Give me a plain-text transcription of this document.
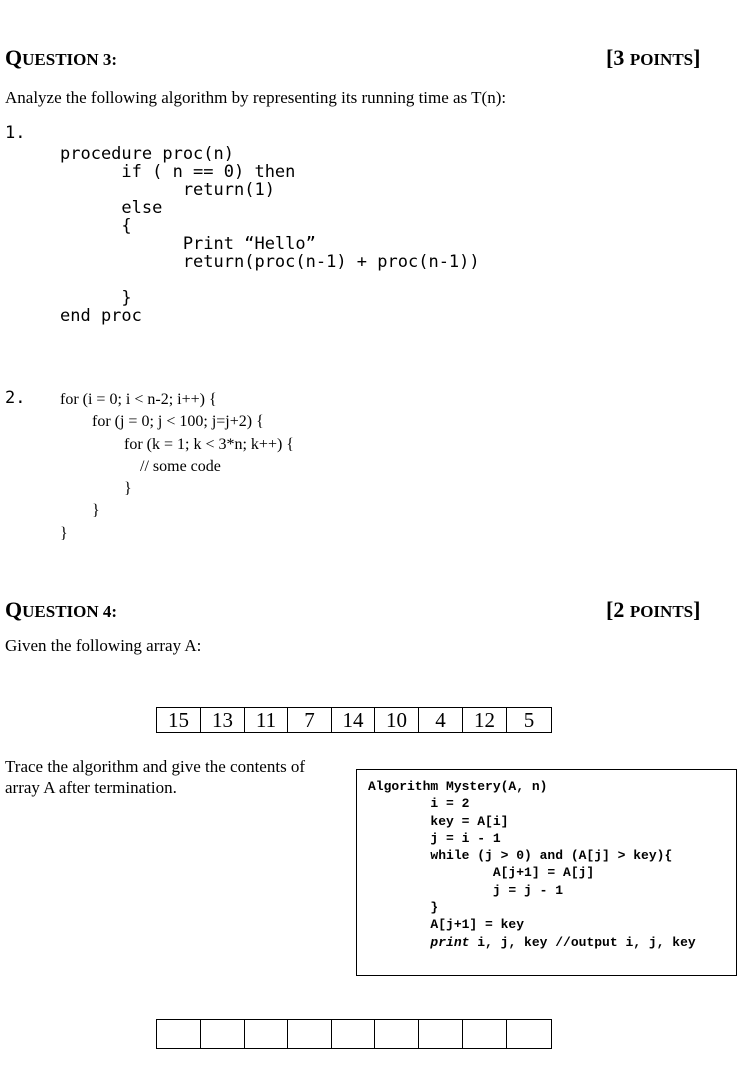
QUESTION 3:	[3 POINTS]
Analyze the following algorithm by representing its running time as T(n):
1.
procedure proc(n)
if ( n == 0) then
return(1)
else
{
Print “Hello”
return(proc(n-1) + proc(n-1))

}
end proc
2. for (i = 0; i < n-2; i++) {
for (j = 0; j < 100; j=j+2) {
for (k = 1; k < 3*n; k++) {
// some code
}
}
}
QUESTION 4:	[2 POINTS]
Given the following array A:
15	13	11	7	14	10	4	12	5
Trace the algorithm and give the contents of
array A after termination.	Algorithm Mystery(A, n)
i = 2
key = A[i]
j = i - 1
while (j > 0) and (A[j] > key){
A[j+1] = A[j]
j = j - 1
}
A[j+1] = key
print i, j, key //output i, j, key
